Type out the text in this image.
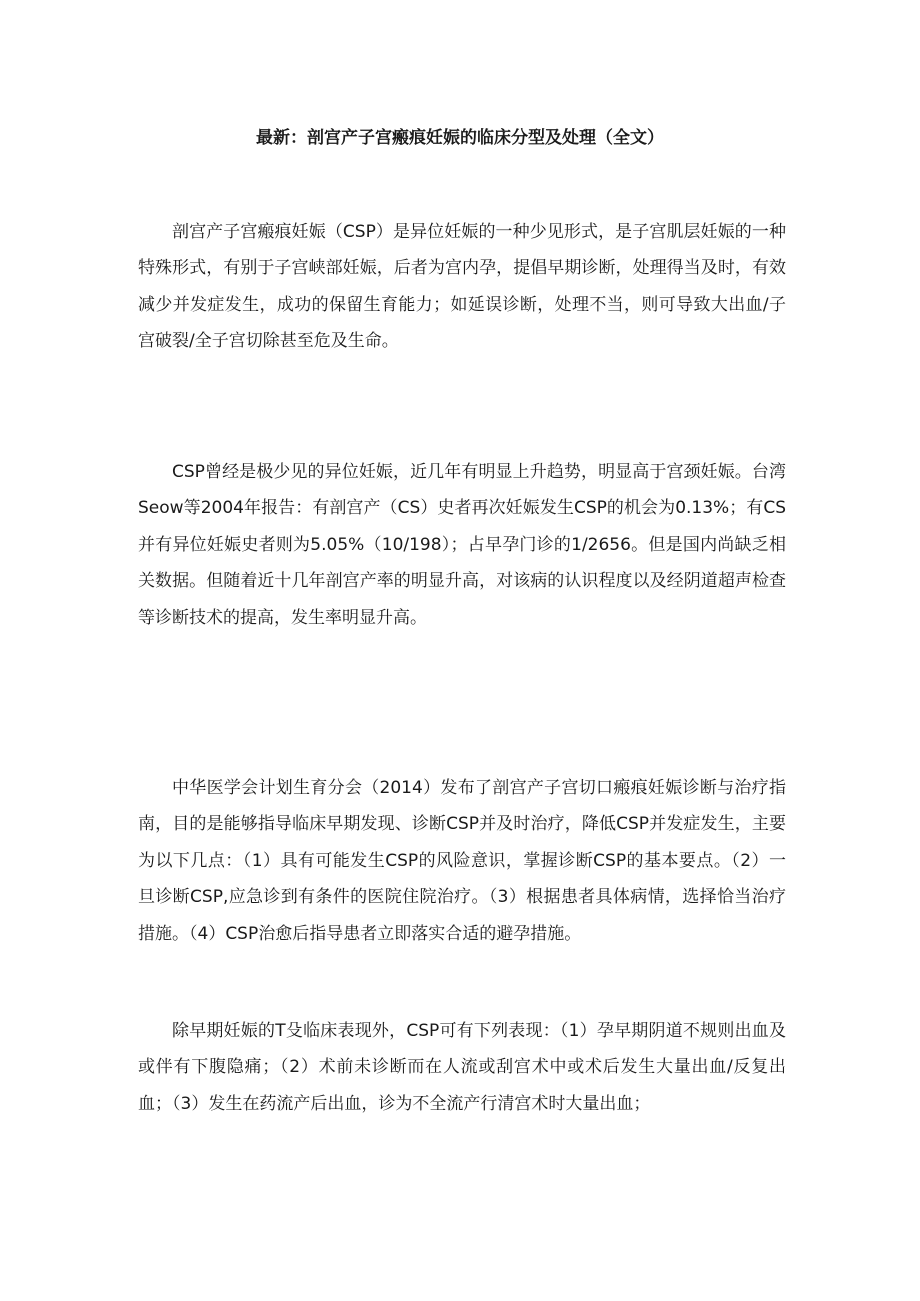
最新：剖宫产子宫瘢痕妊娠的临床分型及处理（全文）

剖宫产子宫瘢痕妊娠（CSP）是异位妊娠的一种少见形式，是子宫肌层妊娠的一种特殊形式，有别于子宫峡部妊娠，后者为宫内孕，提倡早期诊断，处理得当及时，有效减少并发症发生，成功的保留生育能力；如延误诊断，处理不当，则可导致大出血/子宫破裂/全子宫切除甚至危及生命。

CSP曾经是极少见的异位妊娠，近几年有明显上升趋势，明显高于宫颈妊娠。台湾Seow等2004年报告：有剖宫产（CS）史者再次妊娠发生CSP的机会为0.13%；有CS并有异位妊娠史者则为5.05%（10/198）；占早孕门诊的1/2656。但是国内尚缺乏相关数据。但随着近十几年剖宫产率的明显升高，对该病的认识程度以及经阴道超声检查等诊断技术的提高，发生率明显升高。

中华医学会计划生育分会（2014）发布了剖宫产子宫切口瘢痕妊娠诊断与治疗指南，目的是能够指导临床早期发现、诊断CSP并及时治疗，降低CSP并发症发生，主要为以下几点：（1）具有可能发生CSP的风险意识，掌握诊断CSP的基本要点。（2）一旦诊断CSP,应急诊到有条件的医院住院治疗。（3）根据患者具体病情，选择恰当治疗措施。（4）CSP治愈后指导患者立即落实合适的避孕措施。

除早期妊娠的T殳临床表现外，CSP可有下列表现：（1）孕早期阴道不规则出血及或伴有下腹隐痛；（2）术前未诊断而在人流或刮宫术中或术后发生大量出血/反复出血；（3）发生在药流产后出血，诊为不全流产行清宫术时大量出血；
